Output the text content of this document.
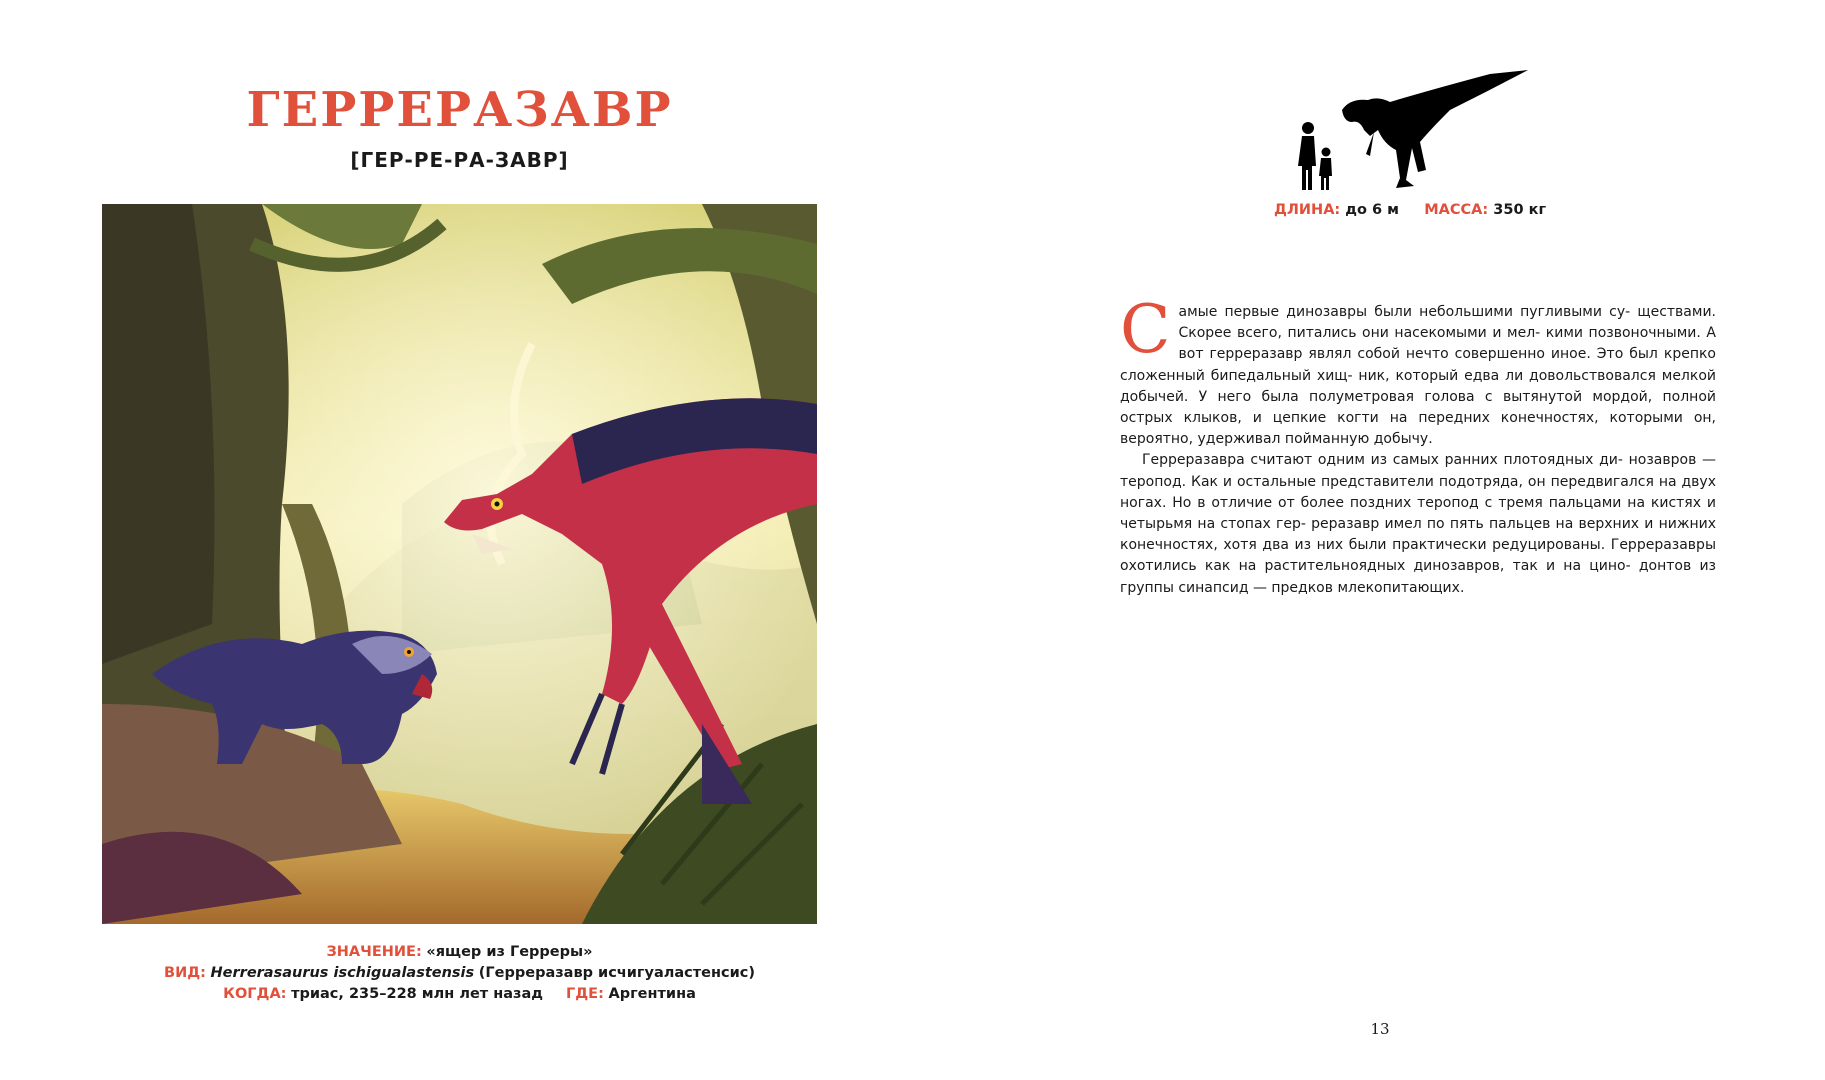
ГЕРРЕРАЗАВР
[ГЕР-РЕ-РА-ЗАВР]
ЗНАЧЕНИЕ: «ящер из Герреры»
ВИД: Herrerasaurus ischigualastensis (Герреразавр исчигуаластенсис)
КОГДА: триас, 235–228 млн лет назад ГДЕ: Аргентина
ДЛИНА: до 6 м МАССА: 350 кг

Самые первые динозавры были небольшими пугливыми су- ществами. Скорее всего, питались они насекомыми и мел- кими позвоночными. А вот герреразавр являл собой нечто совершенно иное. Это был крепко сложенный бипедальный хищ- ник, который едва ли довольствовался мелкой добычей. У него была полуметровая голова с вытянутой мордой, полной острых клыков, и цепкие когти на передних конечностях, которыми он, вероятно, удерживал пойманную добычу.

Герреразавра считают одним из самых ранних плотоядных ди- нозавров — теропод. Как и остальные представители подотряда, он передвигался на двух ногах. Но в отличие от более поздних теропод с тремя пальцами на кистях и четырьмя на стопах гер- реразавр имел по пять пальцев на верхних и нижних конечностях, хотя два из них были практически редуцированы. Герреразавры охотились как на растительноядных динозавров, так и на цино- донтов из группы синапсид — предков млекопитающих.

13
